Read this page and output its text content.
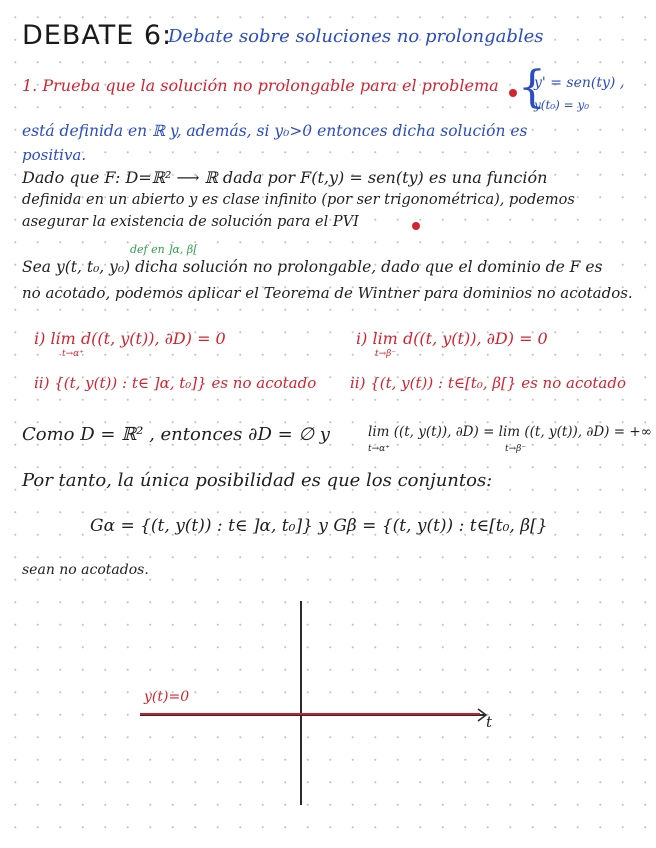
DEBATE 6:
Debate sobre soluciones no prolongables
1. Prueba que la solución no prolongable para el problema {
y' = sen(ty) ,
y(t₀) = y₀
está definida en ℝ y, además, si y₀>0 entonces dicha solución es
positiva.
Dado que F: D=ℝ² ⟶ ℝ dada por F(t,y) = sen(ty) es una función
definida en un abierto y es clase infinito (por ser trigonométrica), podemos
asegurar la existencia de solución para el PVI
def en ]α, β[
Sea y(t, t₀, y₀) dicha solución no prolongable, dado que el dominio de F es
no acotado, podemos aplicar el Teorema de Wintner para dominios no acotados.
i) lim d((t, y(t)), ∂D) = 0
t→α⁺
i) lim d((t, y(t)), ∂D) = 0
t→β⁻
ii) {(t, y(t)) : t∈ ]α, t₀]} es no acotado ii) {(t, y(t)) : t∈[t₀, β[} es no acotado
Como D = ℝ² , entonces ∂D = ∅ y	lim ((t, y(t)), ∂D) = lim ((t, y(t)), ∂D) = +∞
t→α⁺	t→β⁻
Por tanto, la única posibilidad es que los conjuntos:
Gα = {(t, y(t)) : t∈ ]α, t₀]} y Gβ = {(t, y(t)) : t∈[t₀, β[}
sean no acotados.
y(t)=0
t
